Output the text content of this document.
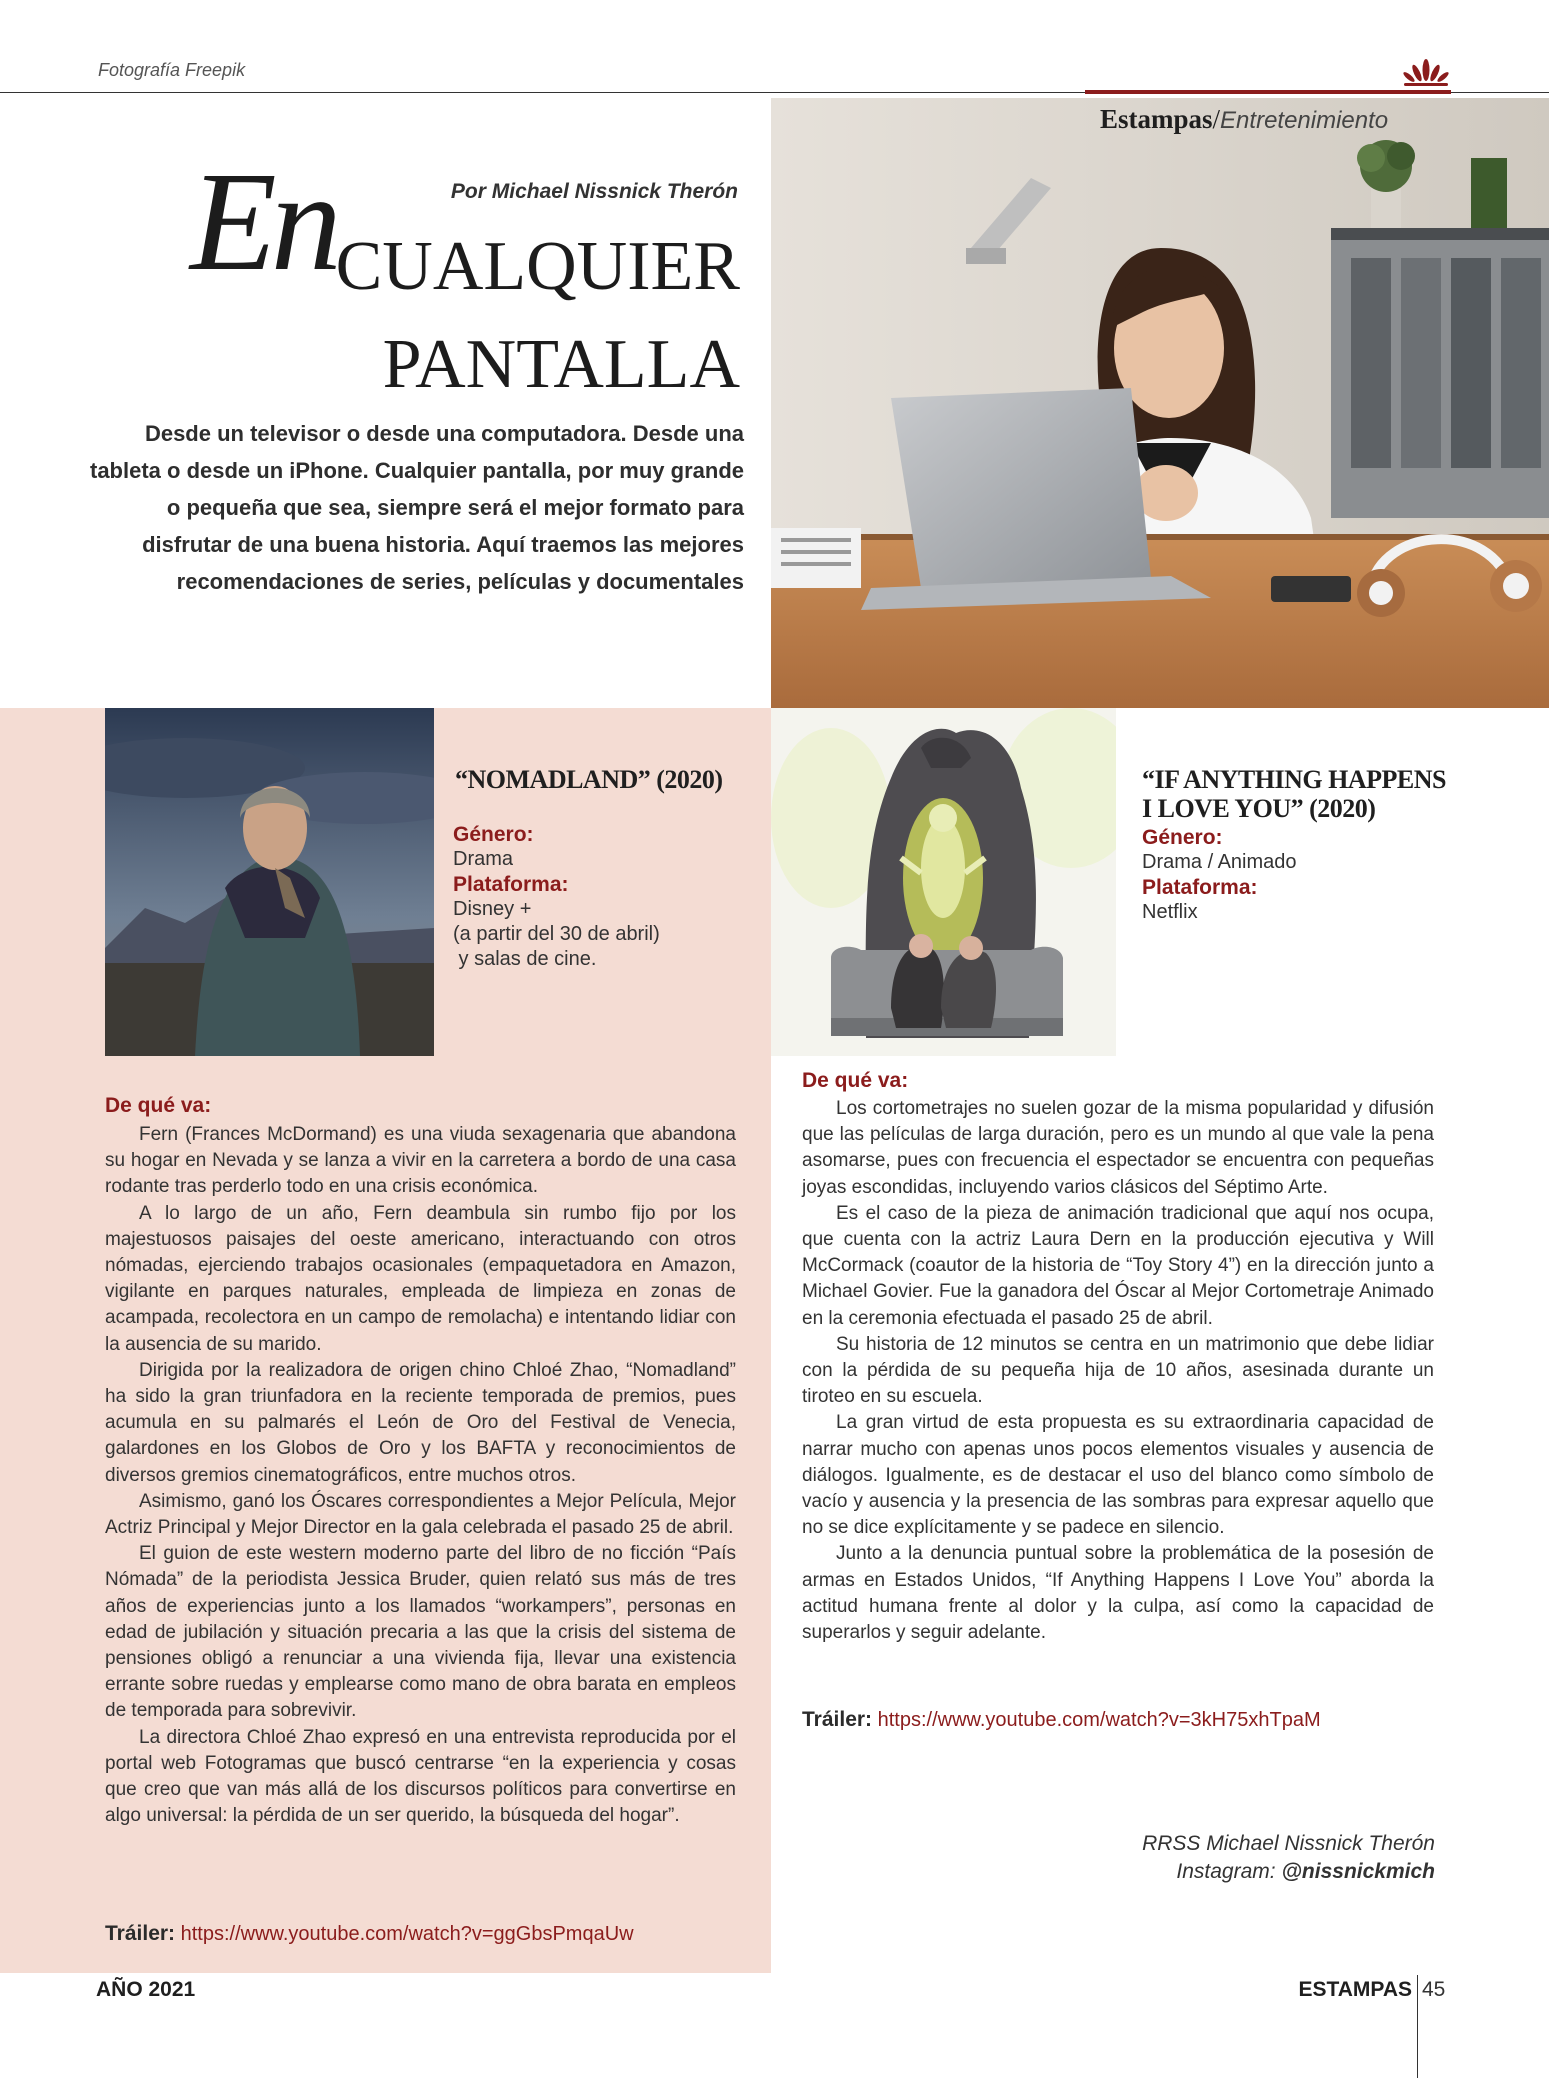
Fotografía Freepik
Estampas/Entretenimiento
Por Michael Nissnick Therón
En CUALQUIER
PANTALLA
Desde un televisor o desde una computadora. Desde una tableta o desde un iPhone. Cualquier pantalla, por muy grande o pequeña que sea, siempre será el mejor formato para disfrutar de una buena historia. Aquí traemos las mejores recomendaciones de series, películas y documentales
“NOMADLAND” (2020)
Género:
Drama
Plataforma:
Disney +
(a partir del 30 de abril)
y salas de cine.
De qué va:

Fern (Frances McDormand) es una viuda sexagenaria que abandona su hogar en Nevada y se lanza a vivir en la carretera a bordo de una casa rodante tras perderlo todo en una crisis económica.

A lo largo de un año, Fern deambula sin rumbo fijo por los majestuosos paisajes del oeste americano, interactuando con otros nómadas, ejerciendo trabajos ocasionales (empaquetadora en Amazon, vigilante en parques naturales, empleada de limpieza en zonas de acampada, recolectora en un campo de remolacha) e intentando lidiar con la ausencia de su marido.

Dirigida por la realizadora de origen chino Chloé Zhao, “Nomadland” ha sido la gran triunfadora en la reciente temporada de premios, pues acumula en su palmarés el León de Oro del Festival de Venecia, galardones en los Globos de Oro y los BAFTA y reconocimientos de diversos gremios cinematográficos, entre muchos otros.

Asimismo, ganó los Óscares correspondientes a Mejor Película, Mejor Actriz Principal y Mejor Director en la gala celebrada el pasado 25 de abril.

El guion de este western moderno parte del libro de no ficción “País Nómada” de la periodista Jessica Bruder, quien relató sus más de tres años de experiencias junto a los llamados “workampers”, personas en edad de jubilación y situación precaria a las que la crisis del sistema de pensiones obligó a renunciar a una vivienda fija, llevar una existencia errante sobre ruedas y emplearse como mano de obra barata en empleos de temporada para sobrevivir.

La directora Chloé Zhao expresó en una entrevista reproducida por el portal web Fotogramas que buscó centrarse “en la experiencia y cosas que creo que van más allá de los discursos políticos para convertirse en algo universal: la pérdida de un ser querido, la búsqueda del hogar”.

Tráiler: https://www.youtube.com/watch?v=ggGbsPmqaUw
“IF ANYTHING HAPPENS
I LOVE YOU” (2020)
Género:
Drama / Animado
Plataforma:
Netflix
De qué va:

Los cortometrajes no suelen gozar de la misma popularidad y difusión que las películas de larga duración, pero es un mundo al que vale la pena asomarse, pues con frecuencia el espectador se encuentra con pequeñas joyas escondidas, incluyendo varios clásicos del Séptimo Arte.

Es el caso de la pieza de animación tradicional que aquí nos ocupa, que cuenta con la actriz Laura Dern en la producción ejecutiva y Will McCormack (coautor de la historia de “Toy Story 4”) en la dirección junto a Michael Govier. Fue la ganadora del Óscar al Mejor Cortometraje Animado en la ceremonia efectuada el pasado 25 de abril.

Su historia de 12 minutos se centra en un matrimonio que debe lidiar con la pérdida de su pequeña hija de 10 años, asesinada durante un tiroteo en su escuela.

La gran virtud de esta propuesta es su extraordinaria capacidad de narrar mucho con apenas unos pocos elementos visuales y ausencia de diálogos. Igualmente, es de destacar el uso del blanco como símbolo de vacío y ausencia y la presencia de las sombras para expresar aquello que no se dice explícitamente y se padece en silencio.

Junto a la denuncia puntual sobre la problemática de la posesión de armas en Estados Unidos, “If Anything Happens I Love You” aborda la actitud humana frente al dolor y la culpa, así como la capacidad de superarlos y seguir adelante.

Tráiler: https://www.youtube.com/watch?v=3kH75xhTpaM
RRSS Michael Nissnick Therón
Instagram: @nissnickmich
AÑO 2021	ESTAMPAS 45
